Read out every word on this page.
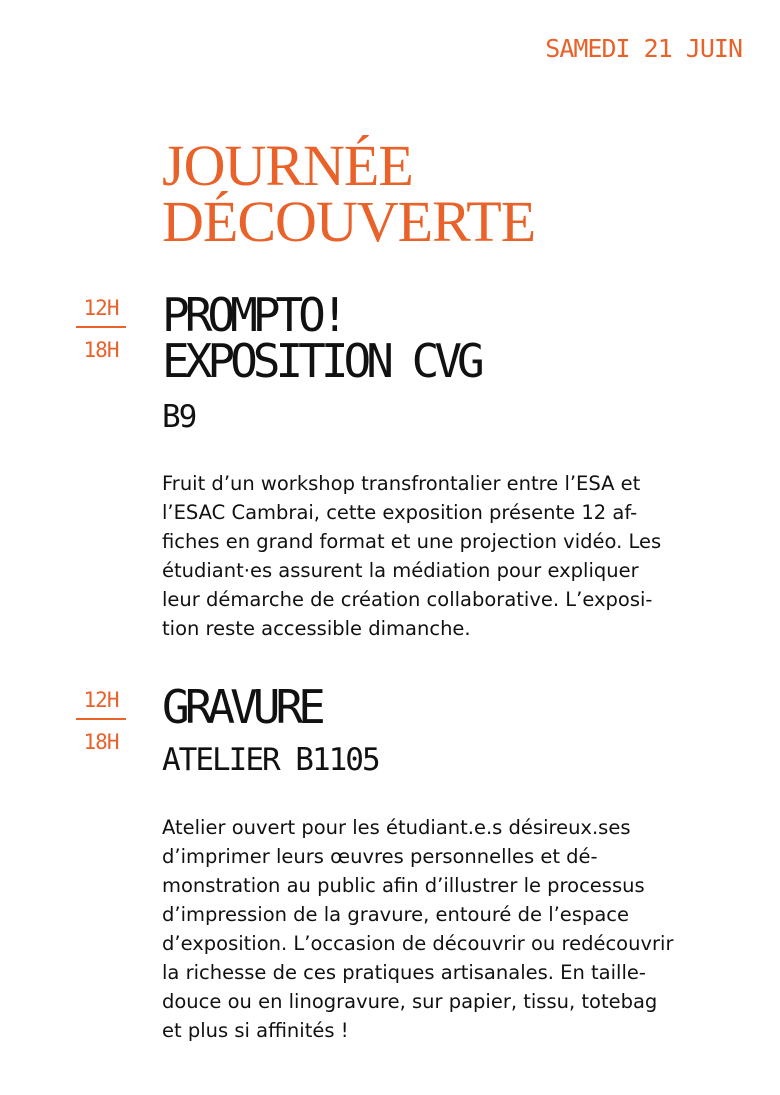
SAMEDI 21 JUIN
JOURNÉE
DÉCOUVERTE
12H
18H
PROMPTO!
EXPOSITION CVG
B9

Fruit d’un workshop transfrontalier entre l’ESA et
l’ESAC Cambrai, cette exposition présente 12 af-
fiches en grand format et une projection vidéo. Les
étudiant·es assurent la médiation pour expliquer
leur démarche de création collaborative. L’exposi-
tion reste accessible dimanche.

12H
18H
GRAVURE
ATELIER B1105

Atelier ouvert pour les étudiant.e.s désireux.ses
d’imprimer leurs œuvres personnelles et dé-
monstration au public afin d’illustrer le processus
d’impression de la gravure, entouré de l’espace
d’exposition. L’occasion de découvrir ou redécouvrir
la richesse de ces pratiques artisanales. En taille-
douce ou en linogravure, sur papier, tissu, totebag
et plus si affinités !
